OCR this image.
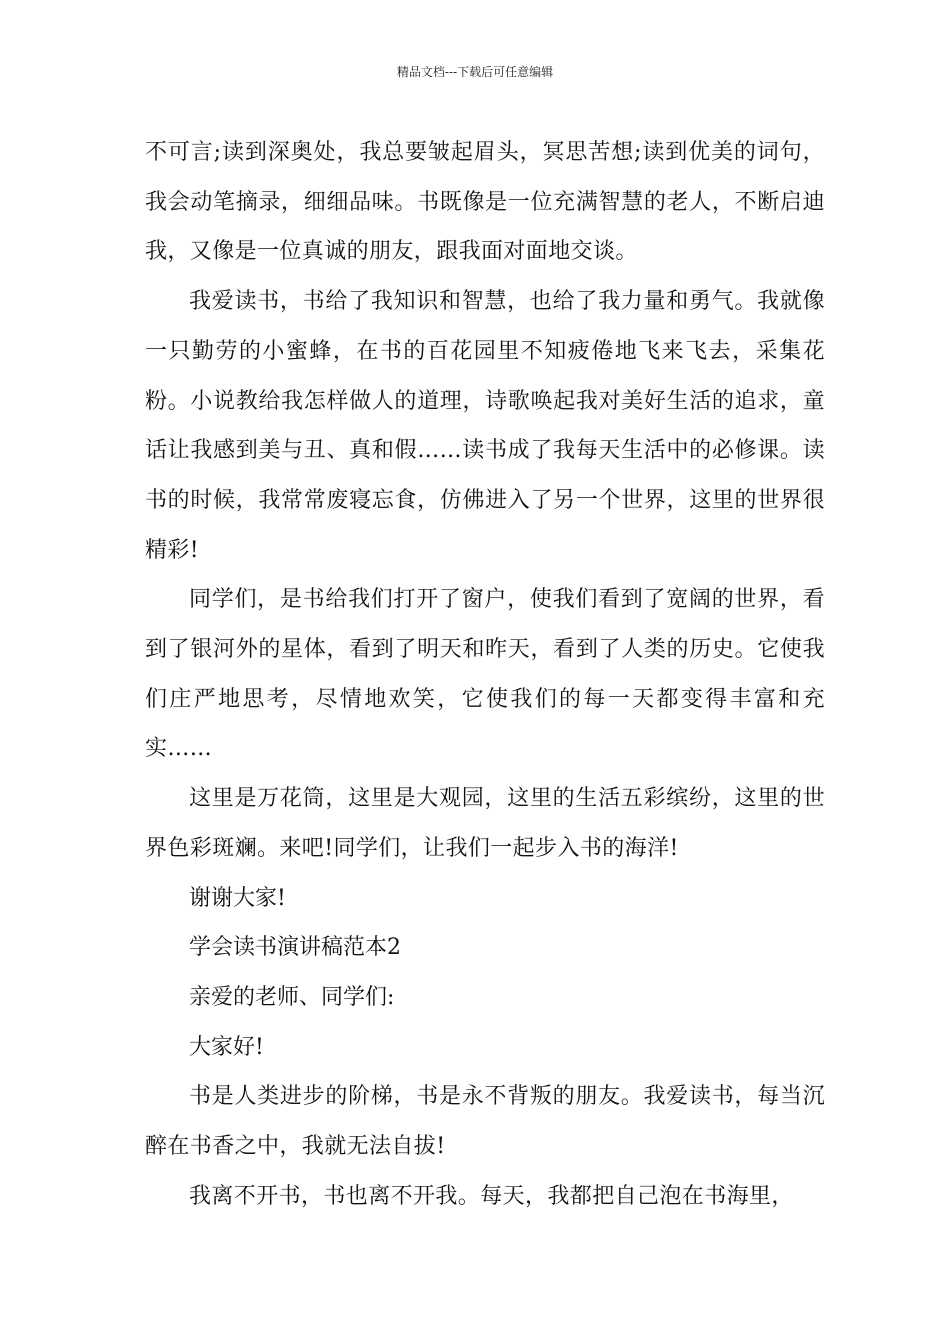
精品文档---下载后可任意编辑

不可言;读到深奥处，我总要皱起眉头，冥思苦想;读到优美的词句，我会动笔摘录，细细品味。书既像是一位充满智慧的老人，不断启迪我，又像是一位真诚的朋友，跟我面对面地交谈。

我爱读书，书给了我知识和智慧，也给了我力量和勇气。我就像一只勤劳的小蜜蜂，在书的百花园里不知疲倦地飞来飞去，采集花粉。小说教给我怎样做人的道理，诗歌唤起我对美好生活的追求，童话让我感到美与丑、真和假……读书成了我每天生活中的必修课。读书的时候，我常常废寝忘食，仿佛进入了另一个世界，这里的世界很精彩!

同学们，是书给我们打开了窗户，使我们看到了宽阔的世界，看到了银河外的星体，看到了明天和昨天，看到了人类的历史。它使我们庄严地思考，尽情地欢笑，它使我们的每一天都变得丰富和充实……

这里是万花筒，这里是大观园，这里的生活五彩缤纷，这里的世界色彩斑斓。来吧!同学们，让我们一起步入书的海洋!

谢谢大家!

学会读书演讲稿范本2

亲爱的老师、同学们:

大家好!

书是人类进步的阶梯，书是永不背叛的朋友。我爱读书，每当沉醉在书香之中，我就无法自拔!

我离不开书，书也离不开我。每天，我都把自己泡在书海里，
